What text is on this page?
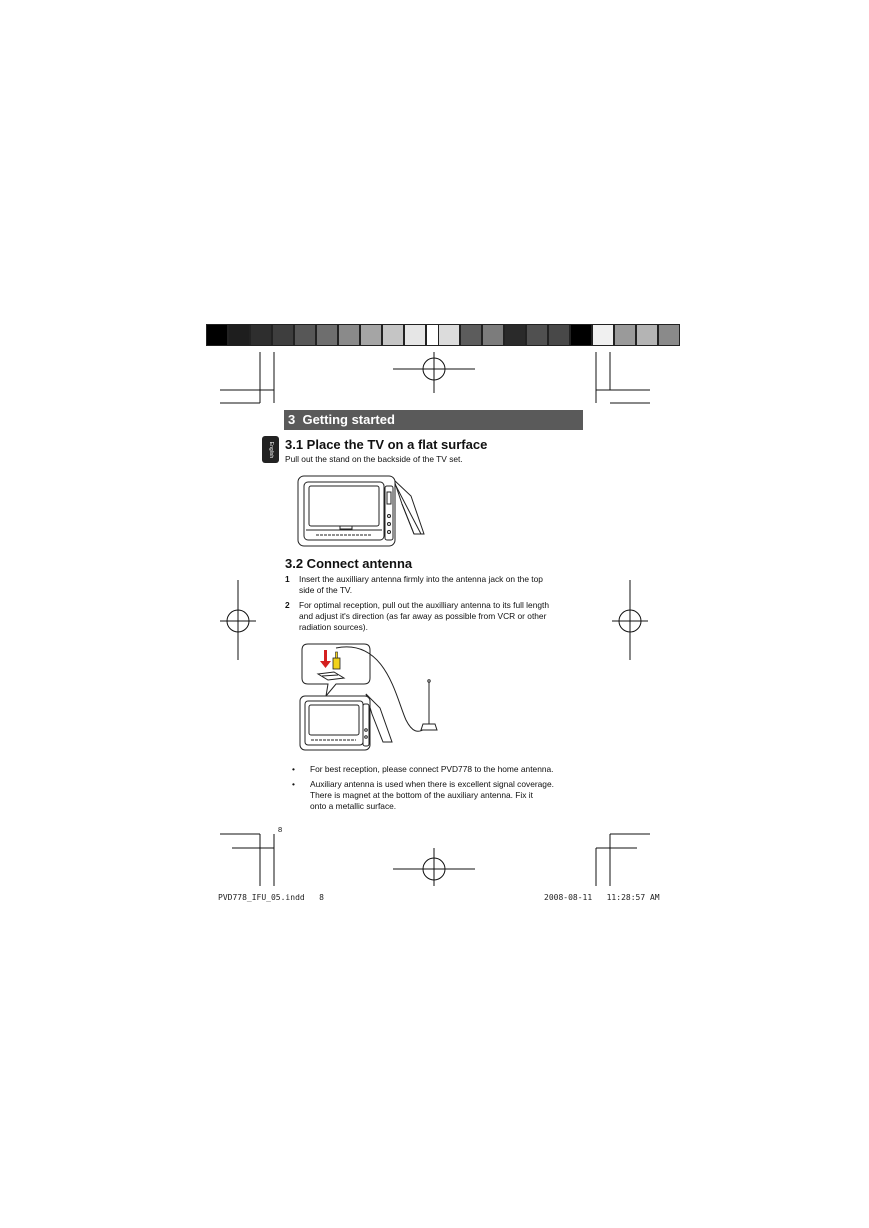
3 Getting started
English 3.1 Place the TV on a flat surface
Pull out the stand on the backside of the TV set.
3.2 Connect antenna
1 Insert the auxilliary antenna firmly into the antenna jack on the top
side of the TV.
2 For optimal reception, pull out the auxilliary antenna to its full length
and adjust it's direction (as far away as possible from VCR or other
radiation sources).
• For best reception, please connect PVD778 to the home antenna.
• Auxiliary antenna is used when there is excellent signal coverage.
There is magnet at the bottom of the auxiliary antenna. Fix it
onto a metallic surface.
8
PVD778_IFU_05.indd   8	2008-08-11   11:28:57 AM
